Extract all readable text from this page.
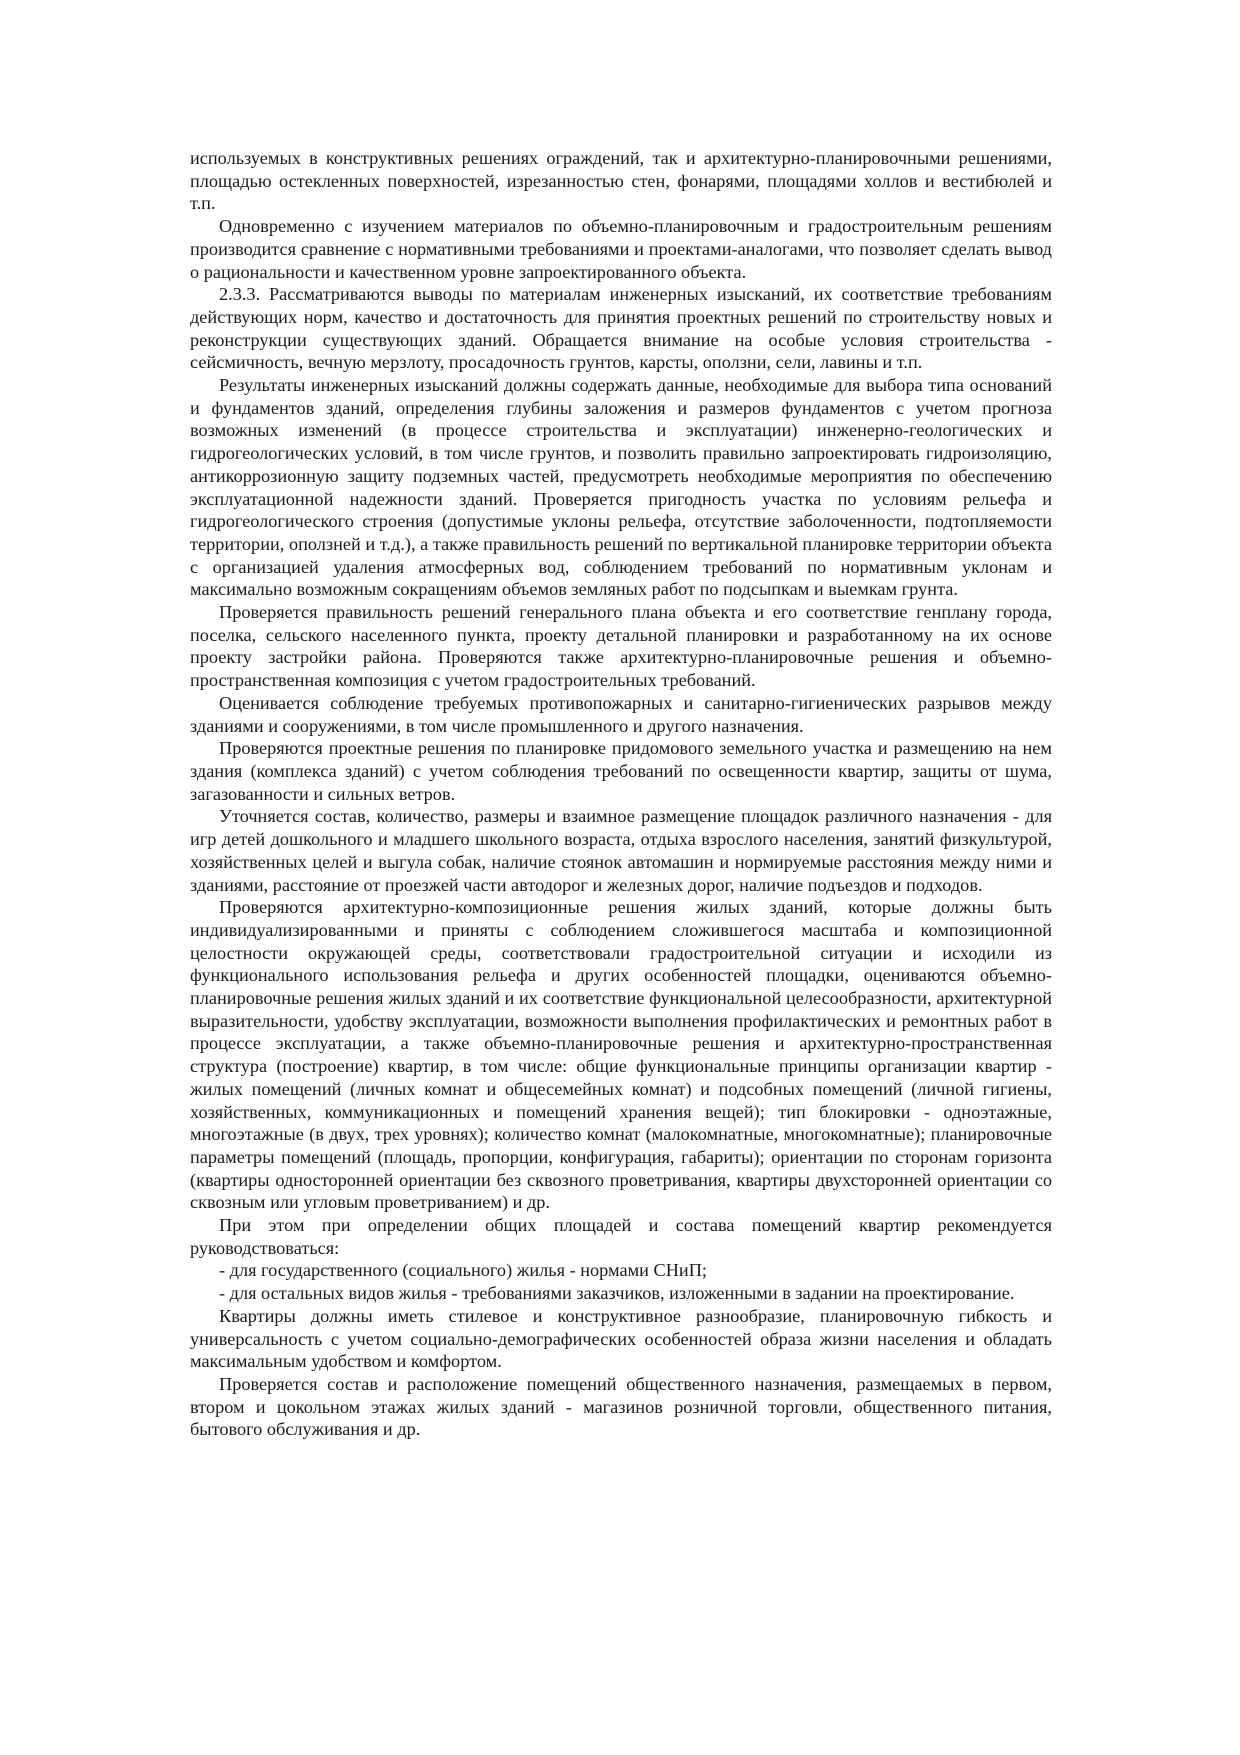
используемых в конструктивных решениях ограждений, так и архитектурно-планировочными решениями, площадью остекленных поверхностей, изрезанностью стен, фонарями, площадями холлов и вестибюлей и т.п.

Одновременно с изучением материалов по объемно-планировочным и градостроительным решениям производится сравнение с нормативными требованиями и проектами-аналогами, что позволяет сделать вывод о рациональности и качественном уровне запроектированного объекта.

2.3.3. Рассматриваются выводы по материалам инженерных изысканий, их соответствие требованиям действующих норм, качество и достаточность для принятия проектных решений по строительству новых и реконструкции существующих зданий. Обращается внимание на особые условия строительства - сейсмичность, вечную мерзлоту, просадочность грунтов, карсты, оползни, сели, лавины и т.п.

Результаты инженерных изысканий должны содержать данные, необходимые для выбора типа оснований и фундаментов зданий, определения глубины заложения и размеров фундаментов с учетом прогноза возможных изменений (в процессе строительства и эксплуатации) инженерно-геологических и гидрогеологических условий, в том числе грунтов, и позволить правильно запроектировать гидроизоляцию, антикоррозионную защиту подземных частей, предусмотреть необходимые мероприятия по обеспечению эксплуатационной надежности зданий. Проверяется пригодность участка по условиям рельефа и гидрогеологического строения (допустимые уклоны рельефа, отсутствие заболоченности, подтопляемости территории, оползней и т.д.), а также правильность решений по вертикальной планировке территории объекта с организацией удаления атмосферных вод, соблюдением требований по нормативным уклонам и максимально возможным сокращениям объемов земляных работ по подсыпкам и выемкам грунта.

Проверяется правильность решений генерального плана объекта и его соответствие генплану города, поселка, сельского населенного пункта, проекту детальной планировки и разработанному на их основе проекту застройки района. Проверяются также архитектурно-планировочные решения и объемно-пространственная композиция с учетом градостроительных требований.

Оценивается соблюдение требуемых противопожарных и санитарно-гигиенических разрывов между зданиями и сооружениями, в том числе промышленного и другого назначения.

Проверяются проектные решения по планировке придомового земельного участка и размещению на нем здания (комплекса зданий) с учетом соблюдения требований по освещенности квартир, защиты от шума, загазованности и сильных ветров.

Уточняется состав, количество, размеры и взаимное размещение площадок различного назначения - для игр детей дошкольного и младшего школьного возраста, отдыха взрослого населения, занятий физкультурой, хозяйственных целей и выгула собак, наличие стоянок автомашин и нормируемые расстояния между ними и зданиями, расстояние от проезжей части автодорог и железных дорог, наличие подъездов и подходов.

Проверяются архитектурно-композиционные решения жилых зданий, которые должны быть индивидуализированными и приняты с соблюдением сложившегося масштаба и композиционной целостности окружающей среды, соответствовали градостроительной ситуации и исходили из функционального использования рельефа и других особенностей площадки, оцениваются объемно-планировочные решения жилых зданий и их соответствие функциональной целесообразности, архитектурной выразительности, удобству эксплуатации, возможности выполнения профилактических и ремонтных работ в процессе эксплуатации, а также объемно-планировочные решения и архитектурно-пространственная структура (построение) квартир, в том числе: общие функциональные принципы организации квартир - жилых помещений (личных комнат и общесемейных комнат) и подсобных помещений (личной гигиены, хозяйственных, коммуникационных и помещений хранения вещей); тип блокировки - одноэтажные, многоэтажные (в двух, трех уровнях); количество комнат (малокомнатные, многокомнатные); планировочные параметры помещений (площадь, пропорции, конфигурация, габариты); ориентации по сторонам горизонта (квартиры односторонней ориентации без сквозного проветривания, квартиры двухсторонней ориентации со сквозным или угловым проветриванием) и др.

При этом при определении общих площадей и состава помещений квартир рекомендуется руководствоваться:

- для государственного (социального) жилья - нормами СНиП;

- для остальных видов жилья - требованиями заказчиков, изложенными в задании на проектирование.

Квартиры должны иметь стилевое и конструктивное разнообразие, планировочную гибкость и универсальность с учетом социально-демографических особенностей образа жизни населения и обладать максимальным удобством и комфортом.

Проверяется состав и расположение помещений общественного назначения, размещаемых в первом, втором и цокольном этажах жилых зданий - магазинов розничной торговли, общественного питания, бытового обслуживания и др.
